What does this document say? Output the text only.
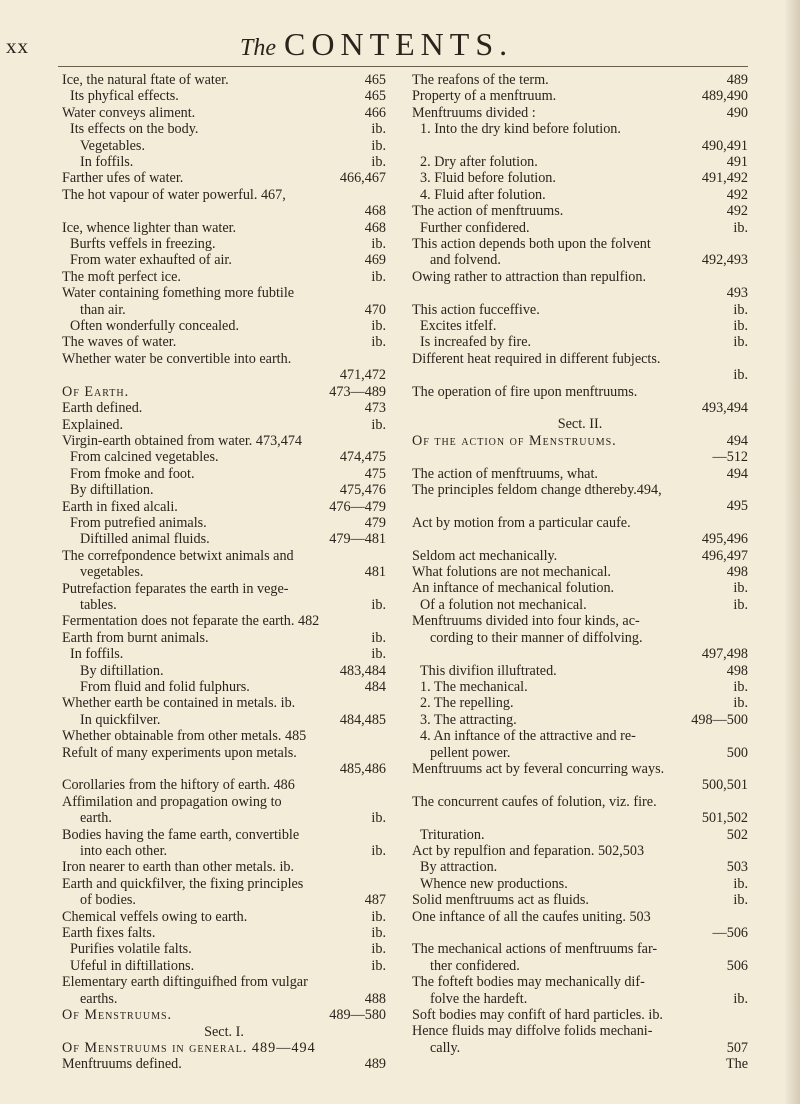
xx	The CONTENTS.
Ice, the natural ftate of water.	465
Its phyfical effects.	465
Water conveys aliment.	466
Its effects on the body.	ib.
Vegetables.	ib.
In foffils.	ib.
Farther ufes of water.	466,467
The hot vapour of water powerful. 467,
468
Ice, whence lighter than water.	468
Burfts veffels in freezing.	ib.
From water exhaufted of air.	469
The moft perfect ice.	ib.
Water containing fomething more fubtile
than air.	470
Often wonderfully concealed.	ib.
The waves of water.	ib.
Whether water be convertible into earth.
471,472
Of Earth.	473—489
Earth defined.	473
Explained.	ib.
Virgin-earth obtained from water. 473,474
From calcined vegetables.	474,475
From fmoke and foot.	475
By diftillation.	475,476
Earth in fixed alcali.	476—479
From putrefied animals.	479
Diftilled animal fluids.	479—481
The correfpondence betwixt animals and
vegetables.	481
Putrefaction feparates the earth in vege-
tables.	ib.
Fermentation does not feparate the earth. 482
Earth from burnt animals.	ib.
In foffils.	ib.
By diftillation.	483,484
From fluid and folid fulphurs.	484
Whether earth be contained in metals. ib.
In quickfilver.	484,485
Whether obtainable from other metals. 485
Refult of many experiments upon metals.
485,486
Corollaries from the hiftory of earth. 486
Affimilation and propagation owing to
earth.	ib.
Bodies having the fame earth, convertible
into each other.	ib.
Iron nearer to earth than other metals. ib.
Earth and quickfilver, the fixing principles
of bodies.	487
Chemical veffels owing to earth.	ib.
Earth fixes falts.	ib.
Purifies volatile falts.	ib.
Ufeful in diftillations.	ib.
Elementary earth diftinguifhed from vulgar
earths.	488
Of Menstruums.	489—580
Sect. I.
Of Menstruums in general. 489—494
Menftruums defined.	489
The reafons of the term.	489
Property of a menftruum.	489,490
Menftruums divided :	490
1. Into the dry kind before folution.
490,491
2. Dry after folution.	491
3. Fluid before folution.	491,492
4. Fluid after folution.	492
The action of menftruums.	492
Further confidered.	ib.
This action depends both upon the folvent
and folvend.	492,493
Owing rather to attraction than repulfion.
493
This action fucceffive.	ib.
Excites itfelf.	ib.
Is increafed by fire.	ib.
Different heat required in different fubjects.
ib.
The operation of fire upon menftruums.
493,494
Sect. II.
Of the action of Menstruums.	494
—512
The action of menftruums, what.	494
The principles feldom change dthereby.494,
495
Act by motion from a particular caufe.
495,496
Seldom act mechanically.	496,497
What folutions are not mechanical.	498
An inftance of mechanical folution.	ib.
Of a folution not mechanical.	ib.
Menftruums divided into four kinds, ac-
cording to their manner of diffolving.
497,498
This divifion illuftrated.	498
1. The mechanical.	ib.
2. The repelling.	ib.
3. The attracting.	498—500
4. An inftance of the attractive and re-
pellent power.	500
Menftruums act by feveral concurring ways.
500,501
The concurrent caufes of folution, viz. fire.
501,502
Trituration.	502
Act by repulfion and feparation. 502,503
By attraction.	503
Whence new productions.	ib.
Solid menftruums act as fluids.	ib.
One inftance of all the caufes uniting. 503
—506
The mechanical actions of menftruums far-
ther confidered.	506
The fofteft bodies may mechanically dif-
folve the hardeft.	ib.
Soft bodies may confift of hard particles. ib.
Hence fluids may diffolve folids mechani-
cally.	507
The
